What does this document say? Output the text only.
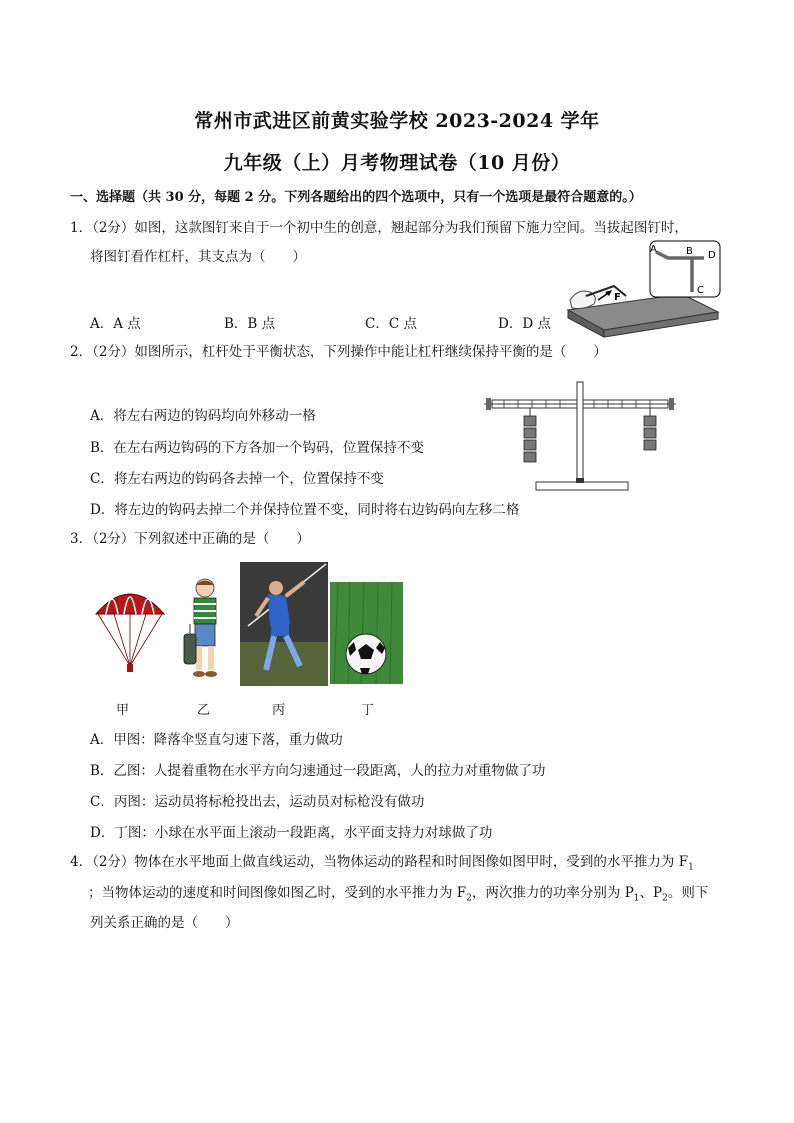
常州市武进区前黄实验学校 2023-2024 学年
九年级（上）月考物理试卷（10 月份）
一、选择题（共 30 分，每题 2 分。下列各题给出的四个选项中，只有一个选项是最符合题意的。）
1．（2分）如图，这款图钉来自于一个初中生的创意，翘起部分为我们预留下施力空间。当拔起图钉时，
将图钉看作杠杆，其支点为（　　）
A．A 点	B．B 点	C．C 点	D．D 点
F
A	B D
C
2．（2分）如图所示，杠杆处于平衡状态，下列操作中能让杠杆继续保持平衡的是（　　）
A．将左右两边的钩码均向外移动一格
B．在左右两边钩码的下方各加一个钩码，位置保持不变
C．将左右两边的钩码各去掉一个，位置保持不变
D．将左边的钩码去掉二个并保持位置不变，同时将右边钩码向左移二格
3．（2分）下列叙述中正确的是（　　）
甲	乙	丙	丁
A．甲图：降落伞竖直匀速下落，重力做功
B．乙图：人提着重物在水平方向匀速通过一段距离，人的拉力对重物做了功
C．丙图：运动员将标枪投出去，运动员对标枪没有做功
D．丁图：小球在水平面上滚动一段距离，水平面支持力对球做了功
4．（2分）物体在水平地面上做直线运动，当物体运动的路程和时间图像如图甲时，受到的水平推力为 $F_1$
；当物体运动的速度和时间图像如图乙时，受到的水平推力为 $F_2$，两次推力的功率分别为 $P_1$、$P_2$。则下
列关系正确的是（　　）
